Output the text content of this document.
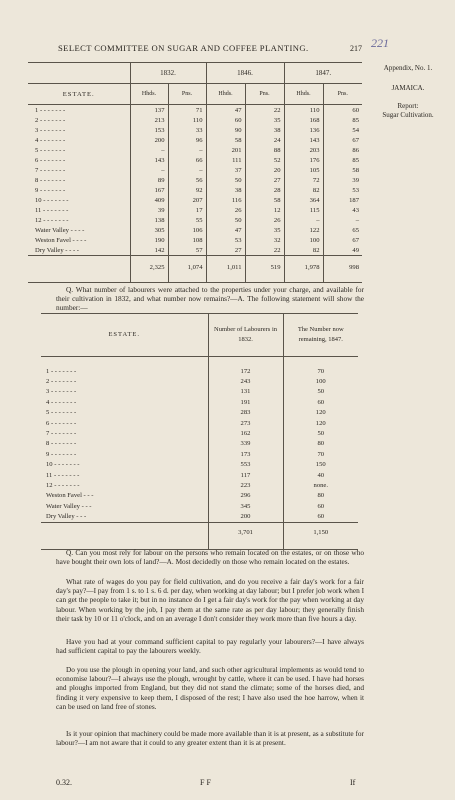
SELECT COMMITTEE ON SUGAR AND COFFEE PLANTING.	217 221
Appendix, No. 1.
JAMAICA.
Report:
Sugar Cultivation.
	1832.		1846.		1847.	
ESTATE.	Hhds.	Pns.	Hhds.	Pns.	Hhds.	Pns.
1 - - - - - - -	137	71	47	22	110	60
2 - - - - - - -	213	110	60	35	168	85
3 - - - - - - -	153	33	90	38	136	54
4 - - - - - - -	200	96	58	24	143	67
5 - - - - - - -	–	–	201	88	203	86
6 - - - - - - -	143	66	111	52	176	85
7 - - - - - - -	–	–	37	20	105	58
8 - - - - - - -	89	56	50	27	72	39
9 - - - - - - -	167	92	38	28	82	53
10 - - - - - - -	409	207	116	58	364	187
11 - - - - - - -	39	17	26	12	115	43
12 - - - - - - -	138	55	50	26	–	–
Water Valley - - - -	305	106	47	35	122	65
Weston Favel - - - -	190	108	53	32	100	67
Dry Valley - - - -	142	57	27	22	82	49
	2,325	1,074	1,011	519	1,978	998

Q. What number of labourers were attached to the properties under your charge, and available for their cultivation in 1832, and what number now remains?—A. The following statement will show the number:—
ESTATE.	Number of Labourers in 1832.	The Number now remaining, 1847.

1 - - - - - - -	172	70
2 - - - - - - -	243	100
3 - - - - - - -	131	50
4 - - - - - - -	191	60
5 - - - - - - -	283	120
6 - - - - - - -	273	120
7 - - - - - - -	162	50
8 - - - - - - -	339	80
9 - - - - - - -	173	70
10 - - - - - - -	553	150
11 - - - - - - -	117	40
12 - - - - - - -	223	none.
Weston Favel - - -	296	80
Water Valley - - -	345	60
Dry Valley - - -	200	60
	3,701	1,150

Q. Can you most rely for labour on the persons who remain located on the estates, or on those who have bought their own lots of land?—A. Most decidedly on those who remain located on the estates.
What rate of wages do you pay for field cultivation, and do you receive a fair day's work for a fair day's pay?—I pay from 1 s. to 1 s. 6 d. per day, when working at day labour; but I prefer job work when I can get the people to take it; but in no instance do I get a fair day's work for the pay when working at day labour. When working by the job, I pay them at the same rate as per day labour; they generally finish their task by 10 or 11 o'clock, and on an average I don't consider they work more than five hours a day.
Have you had at your command sufficient capital to pay regularly your labourers?—I have always had sufficient capital to pay the labourers weekly.
Do you use the plough in opening your land, and such other agricultural implements as would tend to economise labour?—I always use the plough, wrought by cattle, where it can be used. I have had horses and ploughs imported from England, but they did not stand the climate; some of the horses died, and finding it very expensive to keep them, I disposed of the rest; I have also used the hoe harrow, when it can be used on land free of stones.
Is it your opinion that machinery could be made more available than it is at present, as a substitute for labour?—I am not aware that it could to any greater extent than it is at present.
0.32.	F F	If
